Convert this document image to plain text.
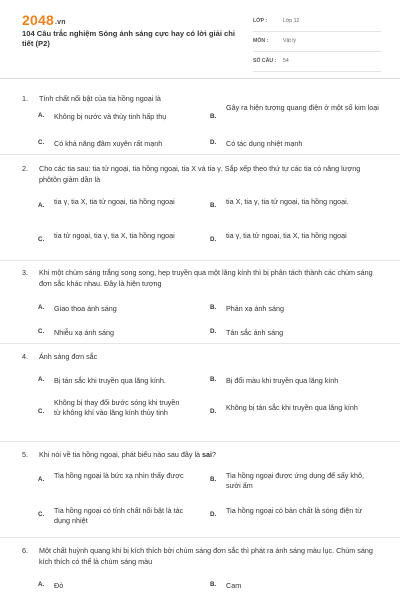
2048.vn
104 Câu trắc nghiệm Sóng ánh sáng cực hay có lời giải chi tiết (P2)
LỚP :	Lớp 12
MÔN :	Vật lý
SỐ CÂU : 54
1. Tính chất nổi bật của tia hồng ngoại là
A. Không bị nước và thủy tinh hấp thụ	B.
Gây ra hiện tượng quang điện ở một số kim loại
C. Có khả năng đâm xuyên rất mạnh	D. Có tác dụng nhiệt mạnh
2. Cho các tia sau: tia tử ngoại, tia hồng ngoại, tia X và tia γ. Sắp xếp theo thứ tự các tia có năng lượng phôtôn giảm dần là
A. tia γ, tia X, tia tử ngoại, tia hồng ngoại	B. tia X, tia γ, tia tử ngoại, tia hồng ngoại.
C. tia tử ngoại, tia γ, tia X, tia hồng ngoại	D. tia γ, tia tử ngoại, tia X, tia hồng ngoại
3. Khi một chùm sáng trắng song song, hẹp truyền qua một lăng kính thì bị phân tách thành các chùm sáng đơn sắc khác nhau. Đây là hiện tượng
A. Giao thoa ánh sáng	B. Phản xạ ánh sáng
C. Nhiễu xạ ánh sáng	D. Tán sắc ánh sáng
4. Ánh sáng đơn sắc
A. Bị tán sắc khi truyền qua lăng kính.	B. Bị đổi màu khi truyền qua lăng kính
C.
Không bị thay đổi bước sóng khi truyền từ không khí vào lăng kính thủy tinh	D. Không bị tán sắc khi truyền qua lăng kính
5. Khi nói về tia hồng ngoại, phát biểu nào sau đây là sai?
A. Tia hồng ngoại là bức xạ nhìn thấy được	B. Tia hồng ngoại được ứng dụng để sấy khô, sưởi ấm
C. Tia hồng ngoại có tính chất nổi bật là tác dụng nhiệt
D. Tia hồng ngoại có bản chất là sóng điện từ
6. Một chất huỳnh quang khi bị kích thích bởi chùm sáng đơn sắc thì phát ra ánh sáng màu lục. Chùm sáng kích thích có thể là chùm sáng màu
A. Đỏ	B. Cam
